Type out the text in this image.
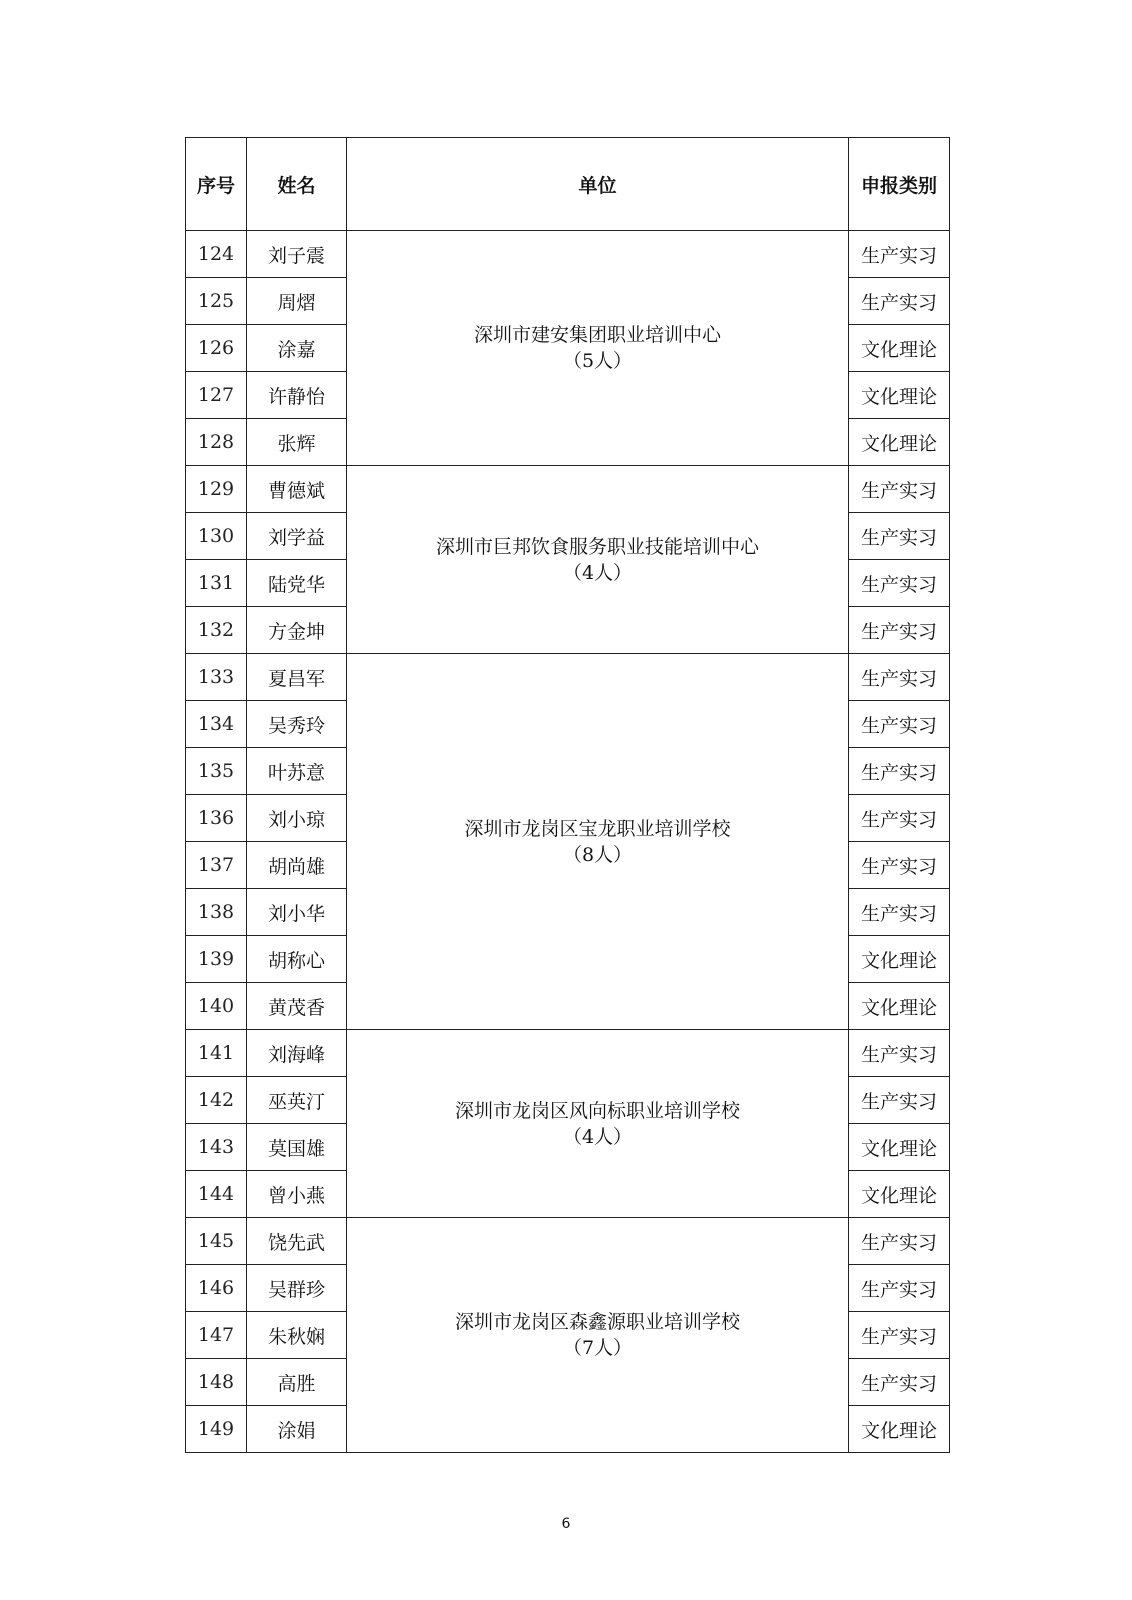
序号	姓名	单位	申报类别
124	刘子震	深圳市建安集团职业培训中心
（5人）	生产实习
125	周熠		生产实习
126	涂嘉		文化理论
127	许静怡		文化理论
128	张辉		文化理论
129	曹德斌	深圳市巨邦饮食服务职业技能培训中心
（4人）	生产实习
130	刘学益		生产实习
131	陆党华		生产实习
132	方金坤		生产实习
133	夏昌军	深圳市龙岗区宝龙职业培训学校
（8人）	生产实习
134	吴秀玲		生产实习
135	叶苏意		生产实习
136	刘小琼		生产实习
137	胡尚雄		生产实习
138	刘小华		生产实习
139	胡称心		文化理论
140	黄茂香		文化理论
141	刘海峰	深圳市龙岗区风向标职业培训学校
（4人）	生产实习
142	巫英汀		生产实习
143	莫国雄		文化理论
144	曾小燕		文化理论
145	饶先武	深圳市龙岗区森鑫源职业培训学校
（7人）	生产实习
146	吴群珍		生产实习
147	朱秋娴		生产实习
148	高胜		生产实习
149	涂娟		文化理论
6
